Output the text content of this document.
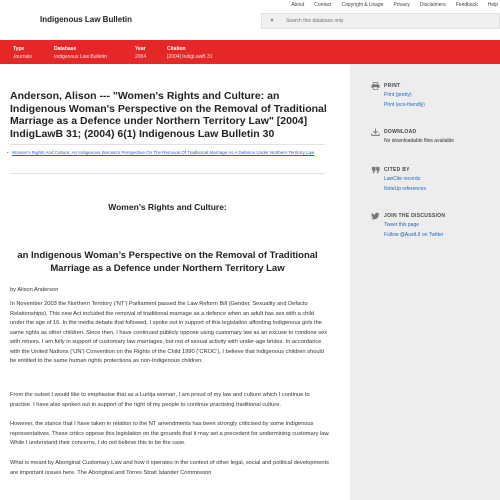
About Contact Copyright & Usage Privacy Disclaimers Feedback Help
Indigenous Law Bulletin	▼
Search this database only
Type
Journals
Database
Indigenous Law Bulletin
Year
2004
Citation
[2004] IndigLawB 31
Anderson, Alison --- "Women's Rights and Culture: an Indigenous Woman's Perspective on the Removal of Traditional Marriage as a Defence under Northern Territory Law" [2004] IndigLawB 31; (2004) 6(1) Indigenous Law Bulletin 30
• Women's Rights And Culture: An Indigenous Woman's Perspective On The Removal Of Traditional Marriage As A Defence Under Northern Territory Law
Women’s Rights and Culture:
an Indigenous Woman’s Perspective on the Removal of Traditional Marriage as a Defence under Northern Territory Law
by Alison Anderson
In November 2003 the Northern Territory (‘NT’) Parliament passed the Law Reform Bill (Gender, Sexuality and Defacto Relationships). This new Act included the removal of traditional marriage as a defence when an adult has sex with a child under the age of 16. In the media debate that followed, I spoke out in support of this legislation affording Indigenous girls the same rights as other children. Since then, I have continued publicly oppose using customary law as an excuse to condone sex with minors. I am fully in support of customary law marriages, but not of sexual activity with under-age brides. In accordance with the United Nations (‘UN’) Convention on the Rights of the Child 1990 (‘CROC’), I believe that Indigenous children should be entitled to the same human rights protections as non-Indigenous children.
From the outset I would like to emphasise that as a Luritja woman, I am proud of my law and culture which I continue to practise. I have also spoken out in support of the right of my people to continue practising traditional culture.
However, the stance that I have taken in relation to the NT amendments has been strongly criticised by some Indigenous representatives. These critics oppose this legislation on the grounds that it may set a precedent for undermining customary law. While I understand their concerns, I do not believe this to be the case.
What is meant by Aboriginal Customary Law and how it operates in the context of other legal, social and political developments are important issues here. The Aboriginal and Torres Strait Islander Commission
PRINT
Print (pretty)
Print (eco-friendly)
DOWNLOAD
No downloadable files available
CITED BY
LawCite records
NoteUp references
JOIN THE DISCUSSION
Tweet this page
Follow @AustLII on Twitter
